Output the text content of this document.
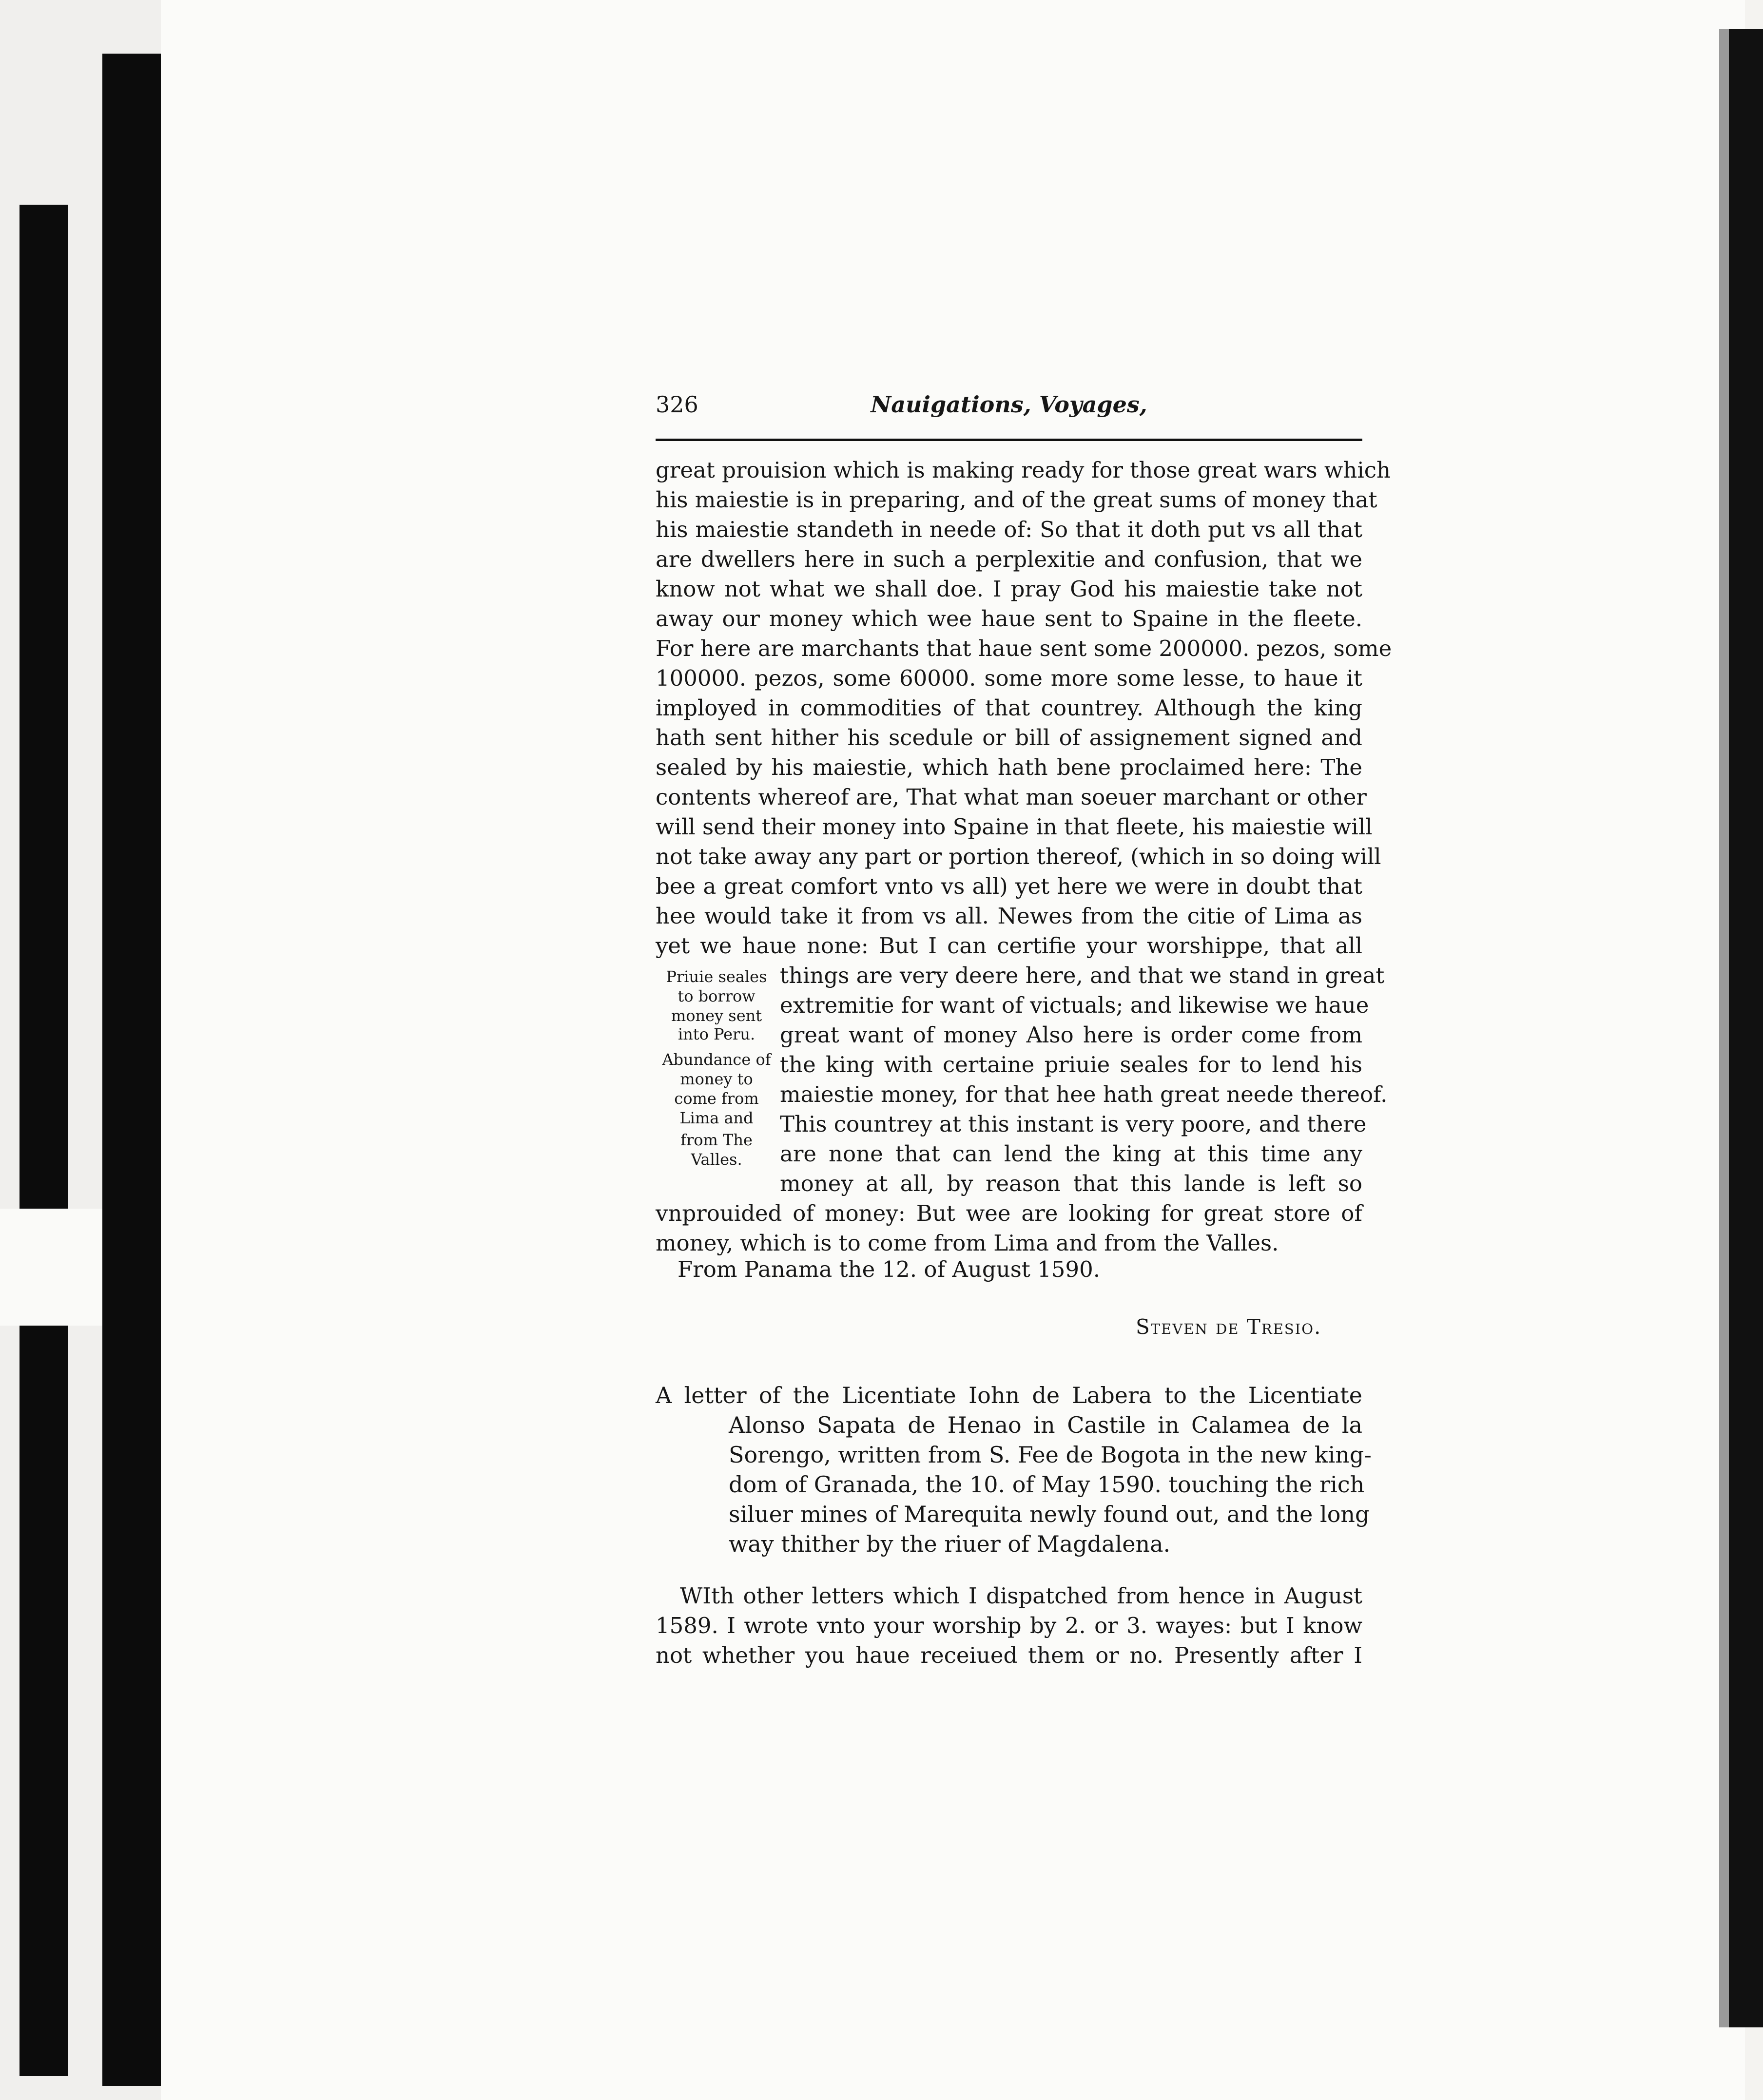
326	Nauigations, Voyages,
great prouision which is making ready for those great wars which
his maiestie is in preparing, and of the great sums of money that
his maiestie standeth in neede of: So that it doth put vs all that
are dwellers here in such a perplexitie and confusion, that we
know not what we shall doe. I pray God his maiestie take not
away our money which wee haue sent to Spaine in the fleete.
For here are marchants that haue sent some 200000. pezos, some
100000. pezos, some 60000. some more some lesse, to haue it
imployed in commodities of that countrey. Although the king
hath sent hither his scedule or bill of assignement signed and
sealed by his maiestie, which hath bene proclaimed here: The
contents whereof are, That what man soeuer marchant or other
will send their money into Spaine in that fleete, his maiestie will
not take away any part or portion thereof, (which in so doing will
bee a great comfort vnto vs all) yet here we were in doubt that
hee would take it from vs all. Newes from the citie of Lima as
yet we haue none: But I can certifie your worshippe, that all
things are very deere here, and that we stand in great
extremitie for want of victuals; and likewise we haue
great want of money Also here is order come from
the king with certaine priuie seales for to lend his
maiestie money, for that hee hath great neede thereof.
This countrey at this instant is very poore, and there
are none that can lend the king at this time any
money at all, by reason that this lande is left so
vnprouided of money: But wee are looking for great store of
money, which is to come from Lima and from the Valles.
Priuie seales
to borrow
money sent
into Peru.
Abundance of
money to
come from
Lima and
from The
Valles.
From Panama the 12. of August 1590.
Steven de Tresio.
A letter of the Licentiate Iohn de Labera to the Licentiate
Alonso Sapata de Henao in Castile in Calamea de la
Sorengo, written from S. Fee de Bogota in the new king-
dom of Granada, the 10. of May 1590. touching the rich
siluer mines of Marequita newly found out, and the long
way thither by the riuer of Magdalena.
WIth other letters which I dispatched from hence in August
1589. I wrote vnto your worship by 2. or 3. wayes: but I know
not whether you haue receiued them or no. Presently after I
